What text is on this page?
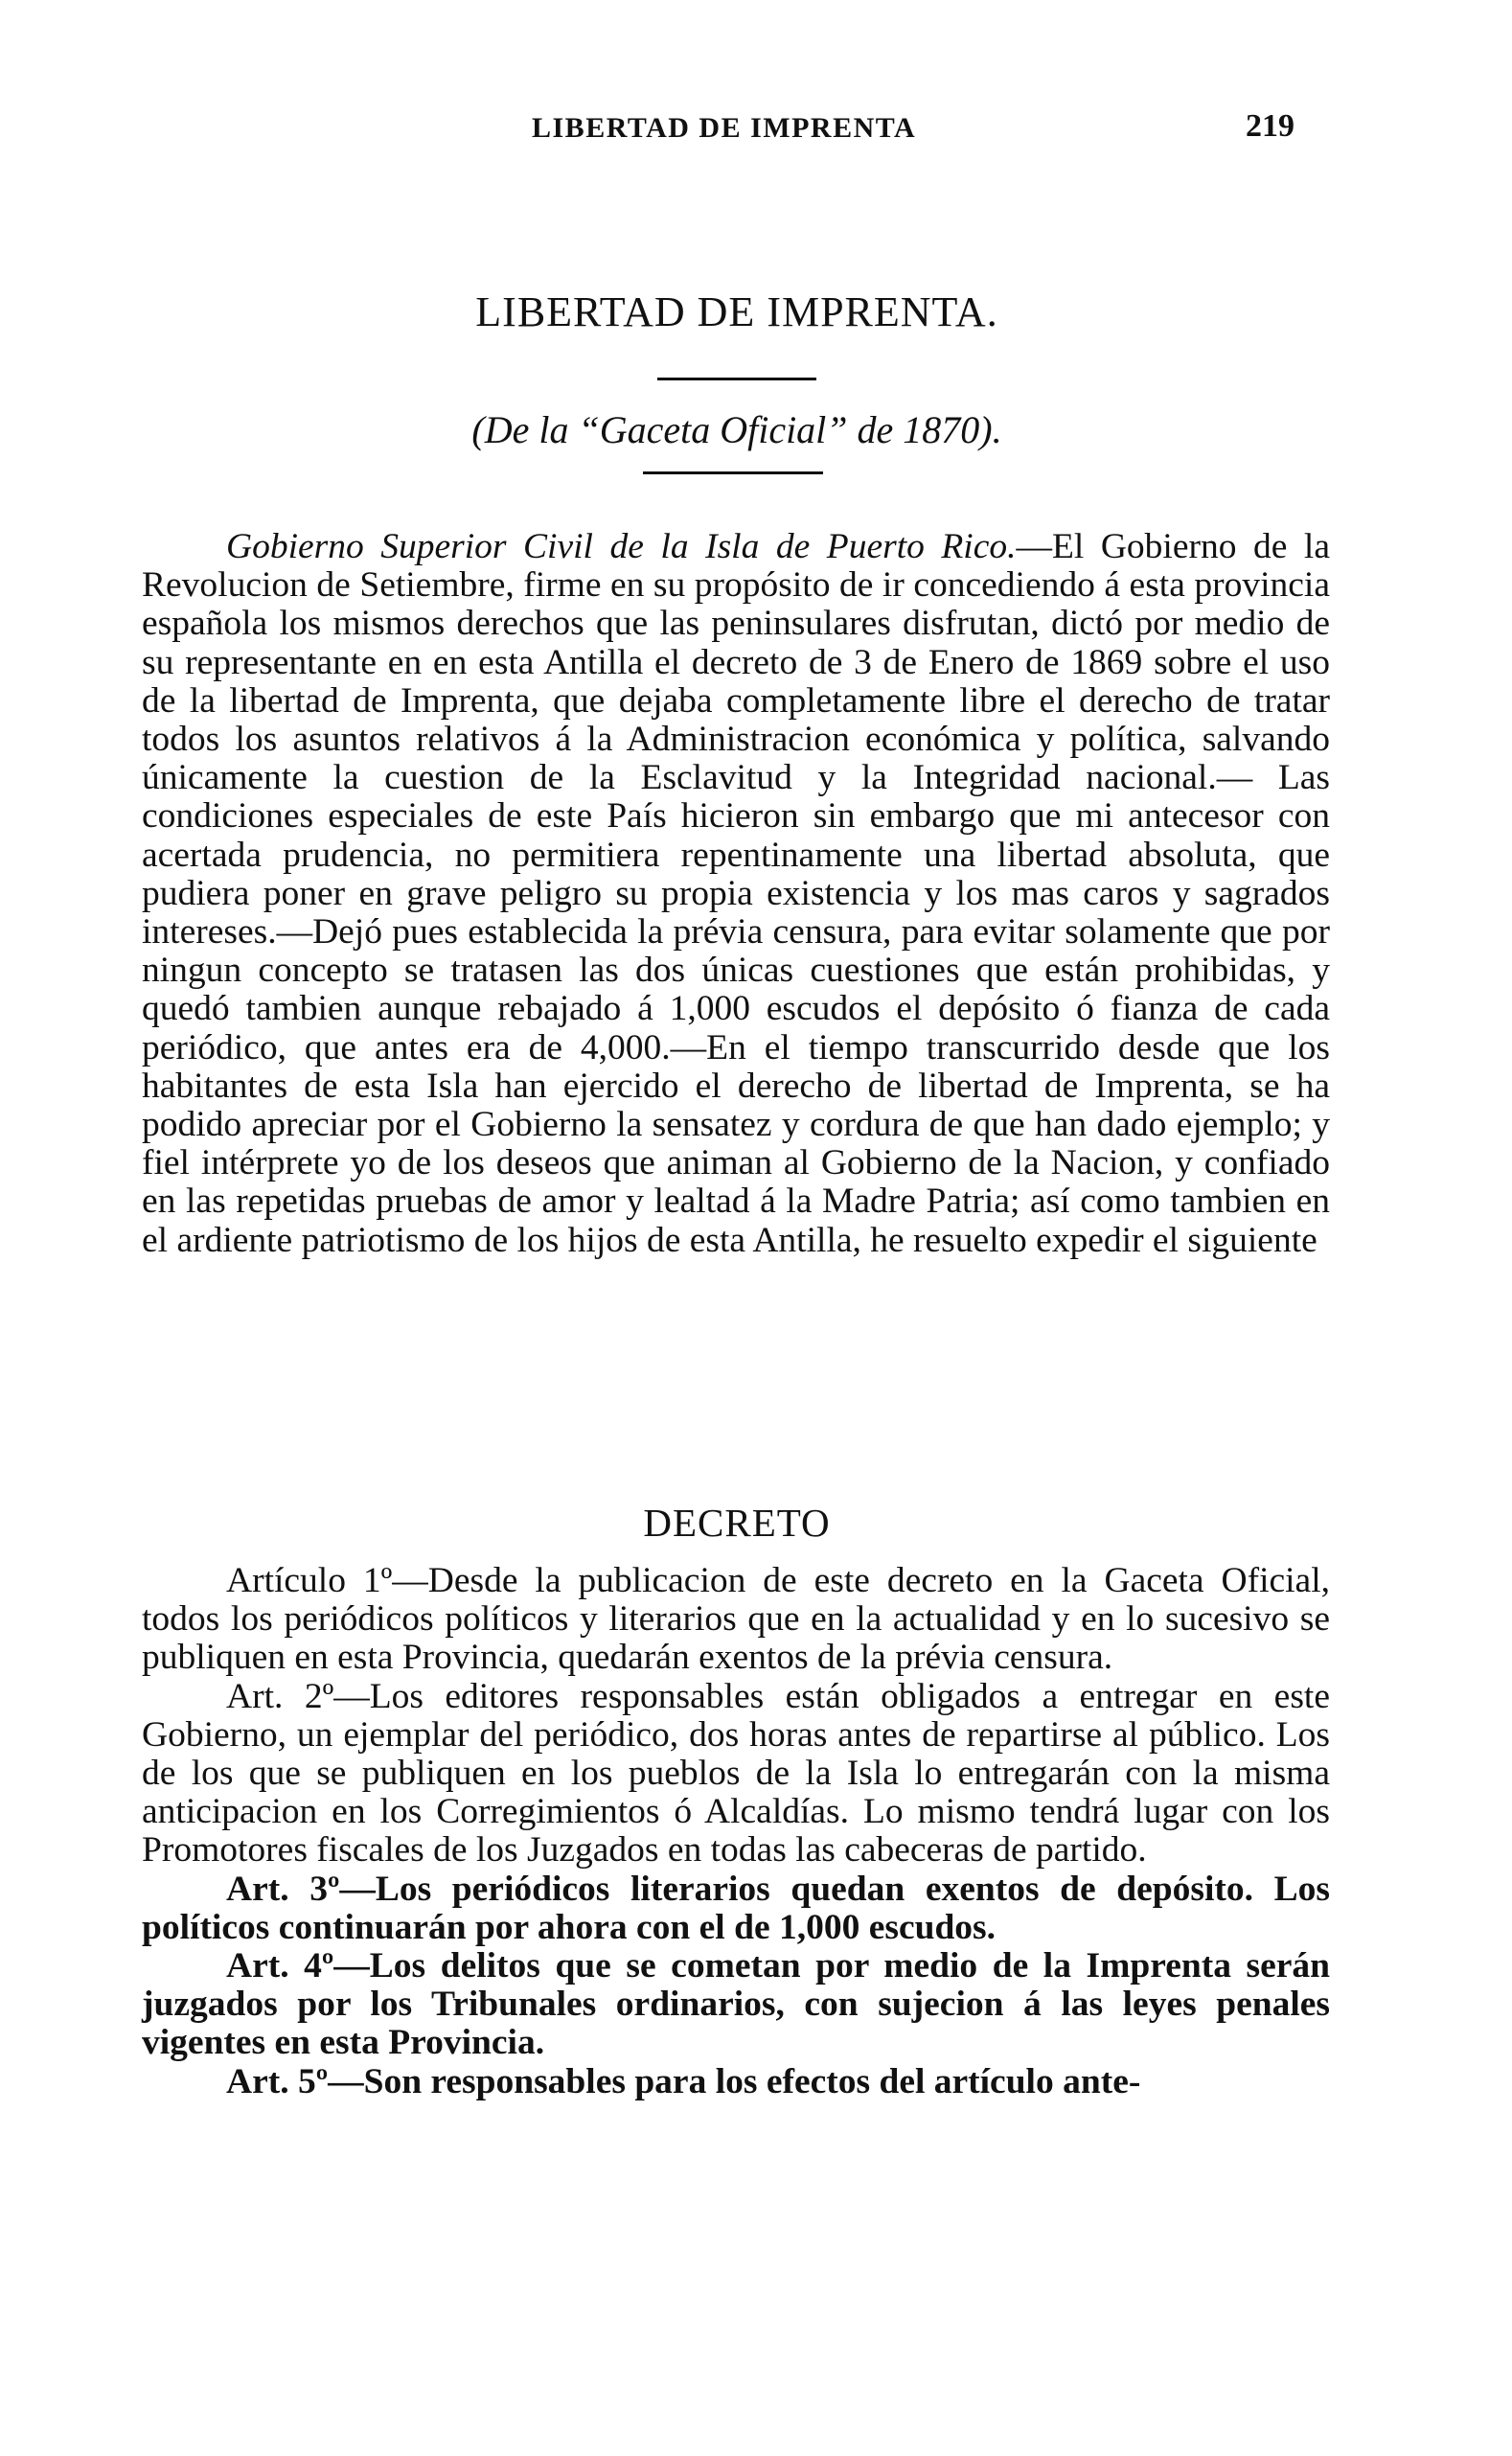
LIBERTAD DE IMPRENTA	219
LIBERTAD DE IMPRENTA.
(De la “Gaceta Oficial” de 1870).

Gobierno Superior Civil de la Isla de Puerto Rico.—El Gobierno de la Revolucion de Setiembre, firme en su propósito de ir concediendo á esta provincia española los mismos derechos que las peninsulares disfrutan, dictó por medio de su representante en en esta Antilla el decreto de 3 de Enero de 1869 sobre el uso de la libertad de Imprenta, que dejaba completamente libre el derecho de tratar todos los asuntos relativos á la Administracion económica y política, salvando únicamente la cuestion de la Esclavitud y la Integridad nacional.— Las condiciones especiales de este País hicieron sin embargo que mi antecesor con acertada prudencia, no permitiera repentinamente una libertad absoluta, que pudiera poner en grave peligro su propia existencia y los mas caros y sagrados intereses.—Dejó pues establecida la prévia censura, para evitar solamente que por ningun concepto se tratasen las dos únicas cuestiones que están prohibidas, y quedó tambien aunque rebajado á 1,000 escudos el depósito ó fianza de cada periódico, que antes era de 4,000.—En el tiempo transcurrido desde que los habitantes de esta Isla han ejercido el derecho de libertad de Imprenta, se ha podido apreciar por el Gobierno la sensatez y cordura de que han dado ejemplo; y fiel intérprete yo de los deseos que animan al Gobierno de la Nacion, y confiado en las repetidas pruebas de amor y lealtad á la Madre Patria; así como tambien en el ardiente patriotismo de los hijos de esta Antilla, he resuelto expedir el siguiente

DECRETO

Artículo 1º—Desde la publicacion de este decreto en la Gaceta Oficial, todos los periódicos políticos y literarios que en la actualidad y en lo sucesivo se publiquen en esta Provincia, quedarán exentos de la prévia censura.

Art. 2º—Los editores responsables están obligados a entregar en este Gobierno, un ejemplar del periódico, dos horas antes de repartirse al público. Los de los que se publiquen en los pueblos de la Isla lo entregarán con la misma anticipacion en los Corregimientos ó Alcaldías. Lo mismo tendrá lugar con los Promotores fiscales de los Juzgados en todas las cabeceras de partido.

Art. 3º—Los periódicos literarios quedan exentos de depósito. Los políticos continuarán por ahora con el de 1,000 escudos.

Art. 4º—Los delitos que se cometan por medio de la Imprenta serán juzgados por los Tribunales ordinarios, con sujecion á las leyes penales vigentes en esta Provincia.

Art. 5º—Son responsables para los efectos del artículo ante-
